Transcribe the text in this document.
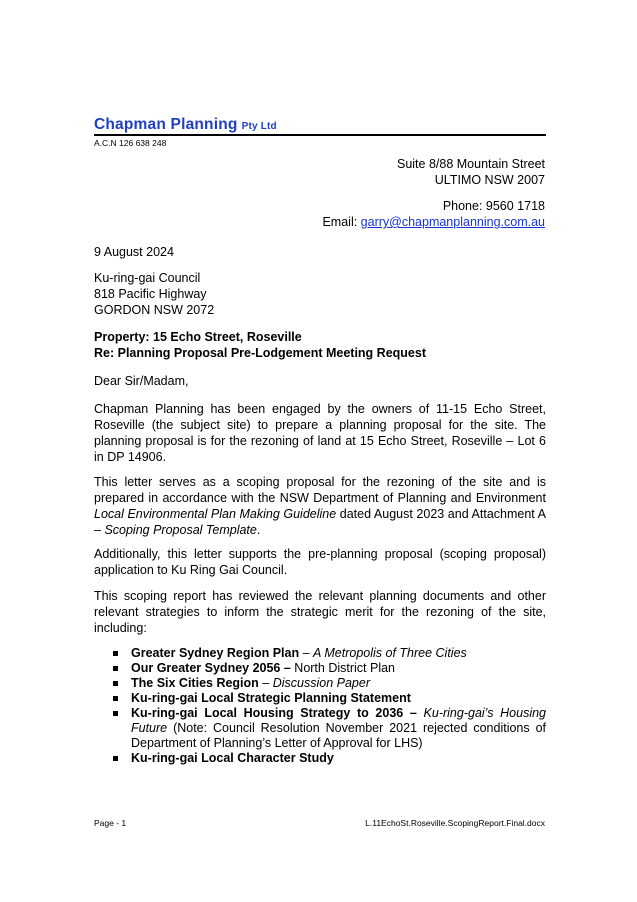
Chapman Planning Pty Ltd
A.C.N 126 638 248
Suite 8/88 Mountain Street
ULTIMO NSW 2007
Phone: 9560 1718
Email: garry@chapmanplanning.com.au
9 August 2024
Ku-ring-gai Council
818 Pacific Highway
GORDON NSW 2072
Property: 15 Echo Street, Roseville
Re: Planning Proposal Pre-Lodgement Meeting Request
Dear Sir/Madam,
Chapman Planning has been engaged by the owners of 11-15 Echo Street, Roseville (the subject site) to prepare a planning proposal for the site. The planning proposal is for the rezoning of land at 15 Echo Street, Roseville – Lot 6 in DP 14906.
This letter serves as a scoping proposal for the rezoning of the site and is prepared in accordance with the NSW Department of Planning and Environment Local Environmental Plan Making Guideline dated August 2023 and Attachment A – Scoping Proposal Template.
Additionally, this letter supports the pre-planning proposal (scoping proposal) application to Ku Ring Gai Council.
This scoping report has reviewed the relevant planning documents and other relevant strategies to inform the strategic merit for the rezoning of the site, including:
Greater Sydney Region Plan – A Metropolis of Three Cities
Our Greater Sydney 2056 – North District Plan
The Six Cities Region – Discussion Paper
Ku-ring-gai Local Strategic Planning Statement
Ku-ring-gai Local Housing Strategy to 2036 – Ku-ring-gai’s Housing Future (Note: Council Resolution November 2021 rejected conditions of Department of Planning’s Letter of Approval for LHS)
Ku-ring-gai Local Character Study
Page - 1	L.11EchoSt.Roseville.ScopingReport.Final.docx
